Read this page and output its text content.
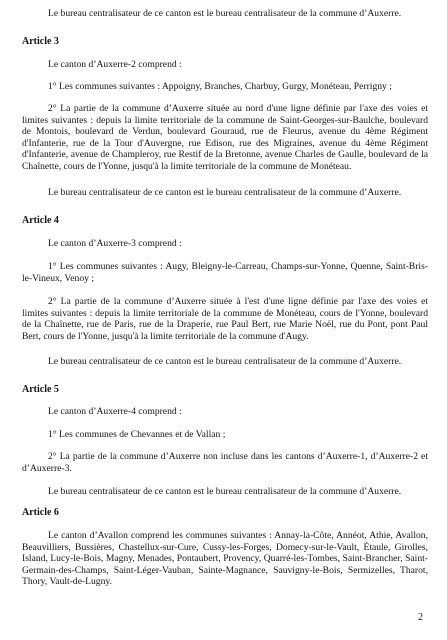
Le bureau centralisateur de ce canton est le bureau centralisateur de la commune d’Auxerre.

Article 3

Le canton d’Auxerre-2 comprend :

1° Les communes suivantes : Appoigny, Branches, Charbuy, Gurgy, Monéteau, Perrigny ;

2° La partie de la commune d’Auxerre située au nord d'une ligne définie par l'axe des voies et limites suivantes : depuis la limite territoriale de la commune de Saint-Georges-sur-Baulche, boulevard de Montois, boulevard de Verdun, boulevard Gouraud, rue de Fleurus, avenue du 4ème Régiment d'Infanterie, rue de la Tour d'Auvergne, rue Edison, rue des Migraines, avenue du 4ème Régiment d'Infanterie, avenue de Champleroy, rue Restif de la Bretonne, avenue Charles de Gaulle, boulevard de la Chaînette, cours de l'Yonne, jusqu'à la limite territoriale de la commune de Monéteau.

Le bureau centralisateur de ce canton est le bureau centralisateur de la commune d’Auxerre.

Article 4

Le canton d’Auxerre-3 comprend :

1° Les communes suivantes : Augy, Bleigny-le-Carreau, Champs-sur-Yonne, Quenne, Saint-Bris-le-Vineux, Venoy ;

2° La partie de la commune d’Auxerre située à l'est d'une ligne définie par l'axe des voies et limites suivantes : depuis la limite territoriale de la commune de Monéteau, cours de l'Yonne, boulevard de la Chaînette, rue de Paris, rue de la Draperie, rue Paul Bert, rue Marie Noël, rue du Pont, pont Paul Bert, cours de l'Yonne, jusqu'à la limite territoriale de la commune d'Augy.

Le bureau centralisateur de ce canton est le bureau centralisateur de la commune d’Auxerre.

Article 5

Le canton d’Auxerre-4 comprend :

1° Les communes de Chevannes et de Vallan ;

2° La partie de la commune d’Auxerre non incluse dans les cantons d’Auxerre-1, d’Auxerre-2 et d’Auxerre-3.

Le bureau centralisateur de ce canton est le bureau centralisateur de la commune d’Auxerre.

Article 6

Le canton d’Avallon comprend les communes suivantes : Annay-la-Côte, Annéot, Athie, Avallon, Beauvilliers, Bussières, Chastellux-sur-Cure, Cussy-les-Forges, Domecy-sur-le-Vault, Étaule, Girolles, Island, Lucy-le-Bois, Magny, Menades, Pontaubert, Provency, Quarré-les-Tombes, Saint-Brancher, Saint-Germain-des-Champs, Saint-Léger-Vauban, Sainte-Magnance, Sauvigny-le-Bois, Sermizelles, Tharot, Thory, Vault-de-Lugny.

2
